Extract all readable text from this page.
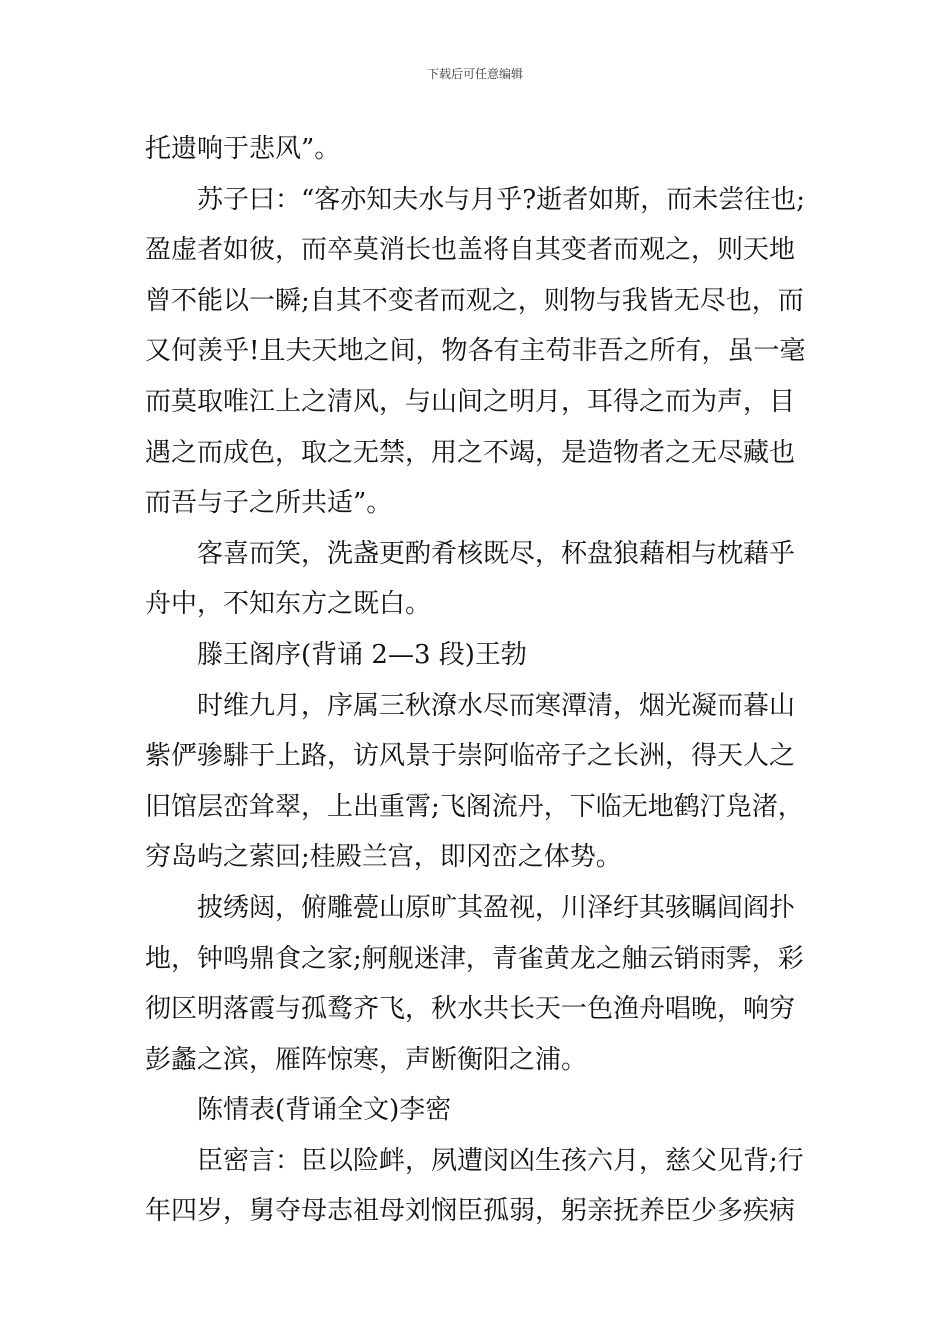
下载后可任意编辑
托遗响于悲风”。
苏子曰：“客亦知夫水与月乎?逝者如斯，而未尝往也;
盈虚者如彼，而卒莫消长也盖将自其变者而观之，则天地
曾不能以一瞬;自其不变者而观之，则物与我皆无尽也，而
又何羡乎!且夫天地之间，物各有主苟非吾之所有，虽一毫
而莫取唯江上之清风，与山间之明月，耳得之而为声，目
遇之而成色，取之无禁，用之不竭，是造物者之无尽藏也
而吾与子之所共适”。
客喜而笑，洗盏更酌肴核既尽，杯盘狼藉相与枕藉乎
舟中，不知东方之既白。
滕王阁序(背诵 2—3 段)王勃
时维九月，序属三秋潦水尽而寒潭清，烟光凝而暮山
紫俨骖騑于上路，访风景于崇阿临帝子之长洲，得天人之
旧馆层峦耸翠，上出重霄;飞阁流丹，下临无地鹤汀凫渚，
穷岛屿之萦回;桂殿兰宫，即冈峦之体势。
披绣闼，俯雕甍山原旷其盈视，川泽纡其骇瞩闾阎扑
地，钟鸣鼎食之家;舸舰迷津，青雀黄龙之舳云销雨霁，彩
彻区明落霞与孤鹜齐飞，秋水共长天一色渔舟唱晚，响穷
彭蠡之滨，雁阵惊寒，声断衡阳之浦。
陈情表(背诵全文)李密
臣密言：臣以险衅，夙遭闵凶生孩六月，慈父见背;行
年四岁，舅夺母志祖母刘悯臣孤弱，躬亲抚养臣少多疾病
